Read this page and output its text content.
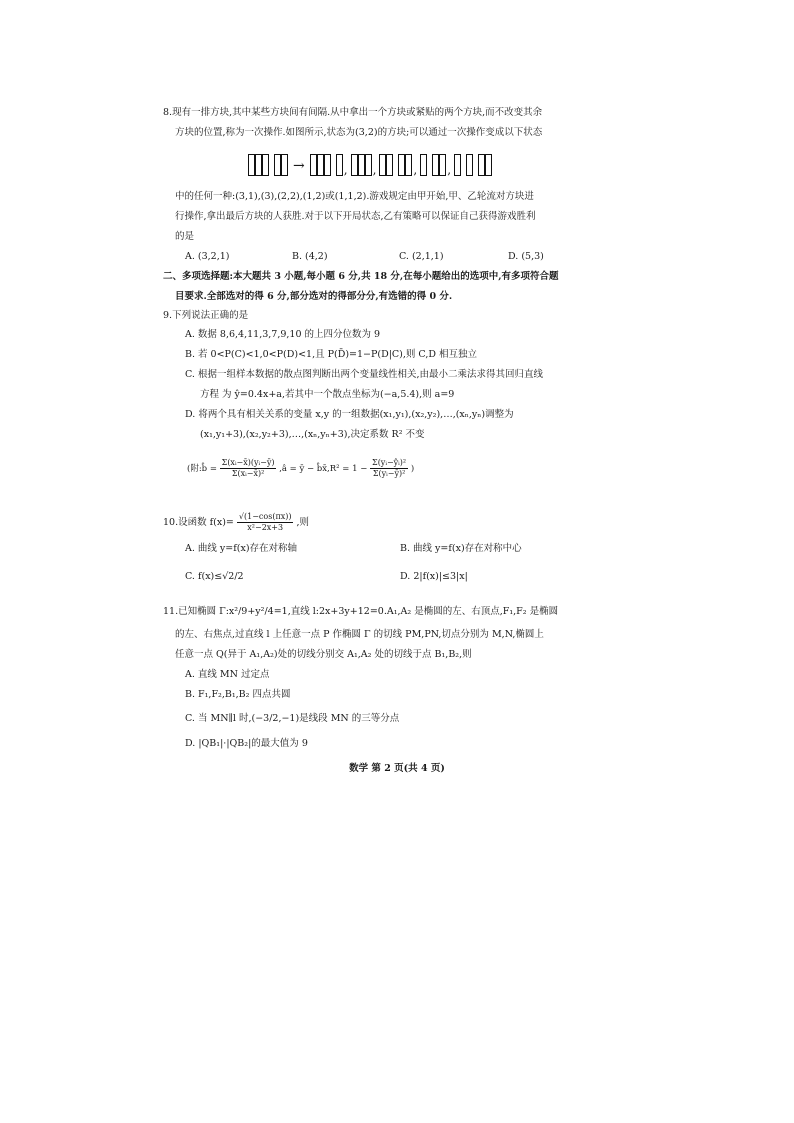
8.现有一排方块,其中某些方块间有间隔.从中拿出一个方块或紧贴的两个方块,而不改变其余
方块的位置,称为一次操作.如图所示,状态为(3,2)的方块;可以通过一次操作变成以下状态
→	, ,	,	,
中的任何一种:(3,1),(3),(2,2),(1,2)或(1,1,2).游戏规定由甲开始,甲、乙轮流对方块进
行操作,拿出最后方块的人获胜.对于以下开局状态,乙有策略可以保证自己获得游戏胜利
的是
A. (3,2,1)	B. (4,2)	C. (2,1,1)	D. (5,3)
二、多项选择题:本大题共 3 小题,每小题 6 分,共 18 分,在每小题给出的选项中,有多项符合题
目要求.全部选对的得 6 分,部分选对的得部分分,有选错的得 0 分.
9.下列说法正确的是
A. 数据 8,6,4,11,3,7,9,10 的上四分位数为 9
B. 若 0<P(C)<1,0<P(D)<1,且 P(D̄)=1−P(D|C),则 C,D 相互独立
C. 根据一组样本数据的散点图判断出两个变量线性相关,由最小二乘法求得其回归直线
方程 为 ŷ=0.4x+a,若其中一个散点坐标为(−a,5.4),则 a=9
D. 将两个具有相关关系的变量 x,y 的一组数据(x₁,y₁),(x₂,y₂),…,(xₙ,yₙ)调整为
(x₁,y₁+3),(x₂,y₂+3),…,(xₙ,yₙ+3),决定系数 R² 不变
(附:b̂ = $\frac{\text{Σ(xᵢ−x̄)(yᵢ−ȳ)}}{\text{Σ(xᵢ−x̄)²}}$ ,â = ȳ − b̂x̄,R² = $1 - \frac{\text{Σ(yᵢ−ŷᵢ)²}}{\text{Σ(yᵢ−ȳ)²}}$ )
10.设函数 $f(x)= \frac{√(1-\cos(\pi x))}{\text{x²−2x+3}}$ ,则
A. 曲线 y=f(x)存在对称轴	B. 曲线 y=f(x)存在对称中心
C. f(x)≤√2/2	D. 2|f(x)|≤3|x|
11.已知椭圆 Γ:x²/9+y²/4=1,直线 l:2x+3y+12=0.A₁,A₂ 是椭圆的左、右顶点,F₁,F₂ 是椭圆
的左、右焦点,过直线 l 上任意一点 P 作椭圆 Γ 的切线 PM,PN,切点分别为 M,N,椭圆上
任意一点 Q(异于 A₁,A₂)处的切线分别交 A₁,A₂ 处的切线于点 B₁,B₂,则
A. 直线 MN 过定点
B. F₁,F₂,B₁,B₂ 四点共圆
C. 当 MN∥l 时,(−3/2,−1)是线段 MN 的三等分点
D. |QB₁|·|QB₂|的最大值为 9
数学 第 2 页(共 4 页)
